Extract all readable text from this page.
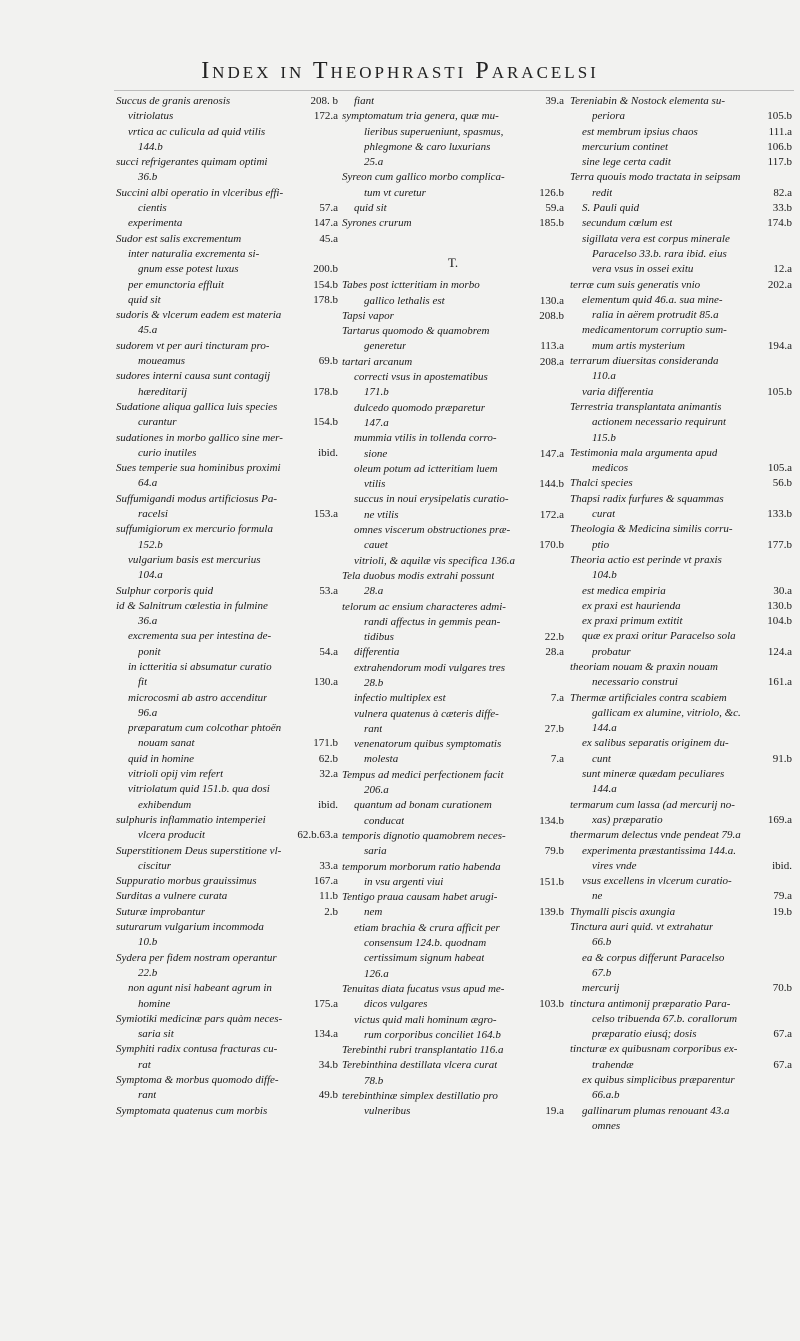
Index in Theophrasti Paracelsi
Succus de granis arenosis	208. b
vitriolatus	172.a
vrtica ac culicula ad quid vtilis
144.b
succi refrigerantes quimam optimi
36.b
Succini albi operatio in vlceribus effi-
cientis	57.a
experimenta	147.a
Sudor est salis excrementum	45.a
inter naturalia excrementa si-
gnum esse potest luxus	200.b
per emunctoria effluit	154.b
quid sit	178.b
sudoris & vlcerum eadem est materia
45.a
sudorem vt per auri tincturam pro-
moueamus	69.b
sudores interni causa sunt contagij
hæreditarij	178.b
Sudatione aliqua gallica luis species
curantur	154.b
sudationes in morbo gallico sine mer-
curio inutiles	ibid.
Sues temperie sua hominibus proximi
64.a
Suffumigandi modus artificiosus Pa-
racelsi	153.a
suffumigiorum ex mercurio formula
152.b
vulgarium basis est mercurius
104.a
Sulphur corporis quid	53.a
id & Salnitrum cœlestia in fulmine
36.a
excrementa sua per intestina de-
ponit	54.a
in ictteritia si absumatur curatio
fit	130.a
microcosmi ab astro accenditur
96.a
præparatum cum colcothar phtoën
nouam sanat	171.b
quid in homine	62.b
vitrioli opij vim refert	32.a
vitriolatum quid 151.b. qua dosi
exhibendum	ibid.
sulphuris inflammatio intemperiei
vlcera producit	62.b.63.a
Superstitionem Deus superstitione vl-
ciscitur	33.a
Suppuratio morbus grauissimus	167.a
Surditas a vulnere curata	11.b
Suturæ improbantur	2.b
suturarum vulgarium incommoda
10.b
Sydera per fidem nostram operantur
22.b
non agunt nisi habeant agrum in
homine	175.a
Symiotiki medicinæ pars quàm neces-
saria sit	134.a
Symphiti radix contusa fracturas cu-
rat	34.b
Symptoma & morbus quomodo diffe-
rant	49.b
Symptomata quatenus cum morbis
fiant	39.a
symptomatum tria genera, quæ mu-
lieribus superueniunt, spasmus,
phlegmone & caro luxurians
25.a
Syreon cum gallico morbo complica-
tum vt curetur	126.b
quid sit	59.a
Syrones crurum	185.b
T.
Tabes post ictteritiam in morbo
gallico lethalis est	130.a
Tapsi vapor	208.b
Tartarus quomodo & quamobrem
generetur	113.a
tartari arcanum	208.a
correcti vsus in apostematibus
171.b
dulcedo quomodo præparetur
147.a
mummia vtilis in tollenda corro-
sione	147.a
oleum potum ad ictteritiam luem
vtilis	144.b
succus in noui erysipelatis curatio-
ne vtilis	172.a
omnes viscerum obstructiones præ-
cauet	170.b
vitrioli, & aquilæ vis specifica 136.a
Tela duobus modis extrahi possunt
28.a
telorum ac ensium characteres admi-
randi affectus in gemmis pean-
tidibus	22.b
differentia	28.a
extrahendorum modi vulgares tres
28.b
infectio multiplex est	7.a
vulnera quatenus à cæteris diffe-
rant	27.b
venenatorum quibus symptomatis
molesta	7.a
Tempus ad medici perfectionem facit
206.a
quantum ad bonam curationem
conducat	134.b
temporis dignotio quamobrem neces-
saria	79.b
temporum morborum ratio habenda
in vsu argenti viui	151.b
Tentigo praua causam habet arugi-
nem	139.b
etiam brachia & crura afficit per
consensum 124.b. quodnam
certissimum signum habeat
126.a
Tenuitas diata fucatus vsus apud me-
dicos vulgares	103.b
victus quid mali hominum ægro-
rum corporibus conciliet 164.b
Terebinthi rubri transplantatio 116.a
Terebinthina destillata vlcera curat
78.b
terebinthinæ simplex destillatio pro
vulneribus	19.a
Tereniabin & Nostock elementa su-
periora	105.b
est membrum ipsius chaos	111.a
mercurium continet	106.b
sine lege certa cadit	117.b
Terra quouis modo tractata in seipsam
redit	82.a
S. Pauli quid	33.b
secundum cœlum est	174.b
sigillata vera est corpus minerale
Paracelso 33.b. rara ibid. eius
vera vsus in ossei exitu	12.a
terræ cum suis generatis vnio	202.a
elementum quid 46.a. sua mine-
ralia in aërem protrudit 85.a
medicamentorum corruptio sum-
mum artis mysterium	194.a
terrarum diuersitas consideranda
110.a
varia differentia	105.b
Terrestria transplantata animantis
actionem necessario requirunt
115.b
Testimonia mala argumenta apud
medicos	105.a
Thalci species	56.b
Thapsi radix furfures & squammas
curat	133.b
Theologia & Medicina similis corru-
ptio	177.b
Theoria actio est perinde vt praxis
104.b
est medica empiria	30.a
ex praxi est haurienda	130.b
ex praxi primum extitit	104.b
quæ ex praxi oritur Paracelso sola
probatur	124.a
theoriam nouam & praxin nouam
necessario construi	161.a
Thermæ artificiales contra scabiem
gallicam ex alumine, vitriolo, &c.
144.a
ex salibus separatis originem du-
cunt	91.b
sunt mineræ quædam peculiares
144.a
termarum cum lassa (ad mercurij no-
xas) præparatio	169.a
thermarum delectus vnde pendeat 79.a
experimenta præstantissima 144.a.
vires vnde	ibid.
vsus excellens in vlcerum curatio-
ne	79.a
Thymalli piscis axungia	19.b
Tinctura auri quid. vt extrahatur
66.b
ea & corpus differunt Paracelso
67.b
mercurij	70.b
tinctura antimonij præparatio Para-
celso tribuenda 67.b. corallorum
præparatio eiusq́; dosis	67.a
tincturæ ex quibusnam corporibus ex-
trahendæ	67.a
ex quibus simplicibus præparentur
66.a.b
gallinarum plumas renouant 43.a
omnes
